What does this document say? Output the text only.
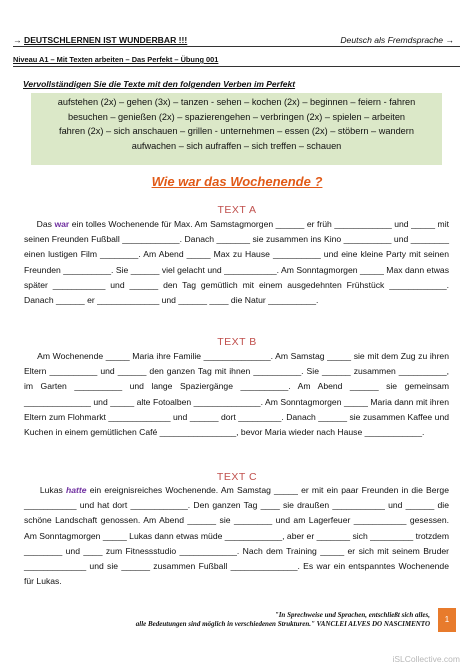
→ DEUTSCHLERNEN IST WUNDERBAR !!!	Deutsch als Fremdsprache →
Niveau A1 – Mit Texten arbeiten – Das Perfekt – Übung 001
Vervollständigen Sie die Texte mit den folgenden Verben im Perfekt
aufstehen (2x) – gehen (3x) – tanzen - sehen – kochen (2x) – beginnen – feiern - fahren
besuchen – genießen (2x) – spazierengehen – verbringen (2x) – spielen – arbeiten
fahren (2x) – sich anschauen – grillen - unternehmen – essen (2x) – stöbern – wandern
aufwachen – sich aufraffen – sich treffen – schauen
Wie war das Wochenende ?
TEXT A

Das war ein tolles Wochenende für Max. Am Samstagmorgen ______ er früh ____________ und _____ mit seinen Freunden Fußball ____________. Danach _______ sie zusammen ins Kino __________ und ________ einen lustigen Film ________. Am Abend _____ Max zu Hause __________ und eine kleine Party mit seinen Freunden __________. Sie ______ viel gelacht und ___________. Am Sonntagmorgen _____ Max dann etwas später ___________ und ______ den Tag gemütlich mit einem ausgedehnten Frühstück ____________. Danach ______ er _____________ und ______ ____ die Natur __________.

TEXT B

Am Wochenende _____ Maria ihre Familie ______________. Am Samstag _____ sie mit dem Zug zu ihren Eltern __________ und ______ den ganzen Tag mit ihnen __________. Sie ______ zusammen __________, im Garten __________ und lange Spaziergänge __________. Am Abend ______ sie gemeinsam ______________ und _____ alte Fotoalben ______________. Am Sonntagmorgen _____ Maria dann mit ihren Eltern zum Flohmarkt _____________ und ______ dort _________. Danach ______ sie zusammen Kaffee und Kuchen in einem gemütlichen Café ________________, bevor Maria wieder nach Hause ____________.

TEXT C

Lukas hatte ein ereignisreiches Wochenende. Am Samstag _____ er mit ein paar Freunden in die Berge ___________ und hat dort ____________. Den ganzen Tag ____ sie draußen ___________ und ______ die schöne Landschaft genossen. Am Abend ______ sie ________ und am Lagerfeuer ___________ gesessen. Am Sonntagmorgen _____ Lukas dann etwas müde ____________, aber er _______ sich _________ trotzdem ________ und ____ zum Fitnessstudio ____________. Nach dem Training _____ er sich mit seinem Bruder _____________ und sie ______ zusammen Fußball ______________. Es war ein entspanntes Wochenende für Lukas.

"In Sprechweise und Sprachen, entschließt sich alles,
alle Bedeutungen sind möglich in verschiedenen Strukturen." VANCLEI ALVES DO NASCIMENTO	1
iSLCollective.com
